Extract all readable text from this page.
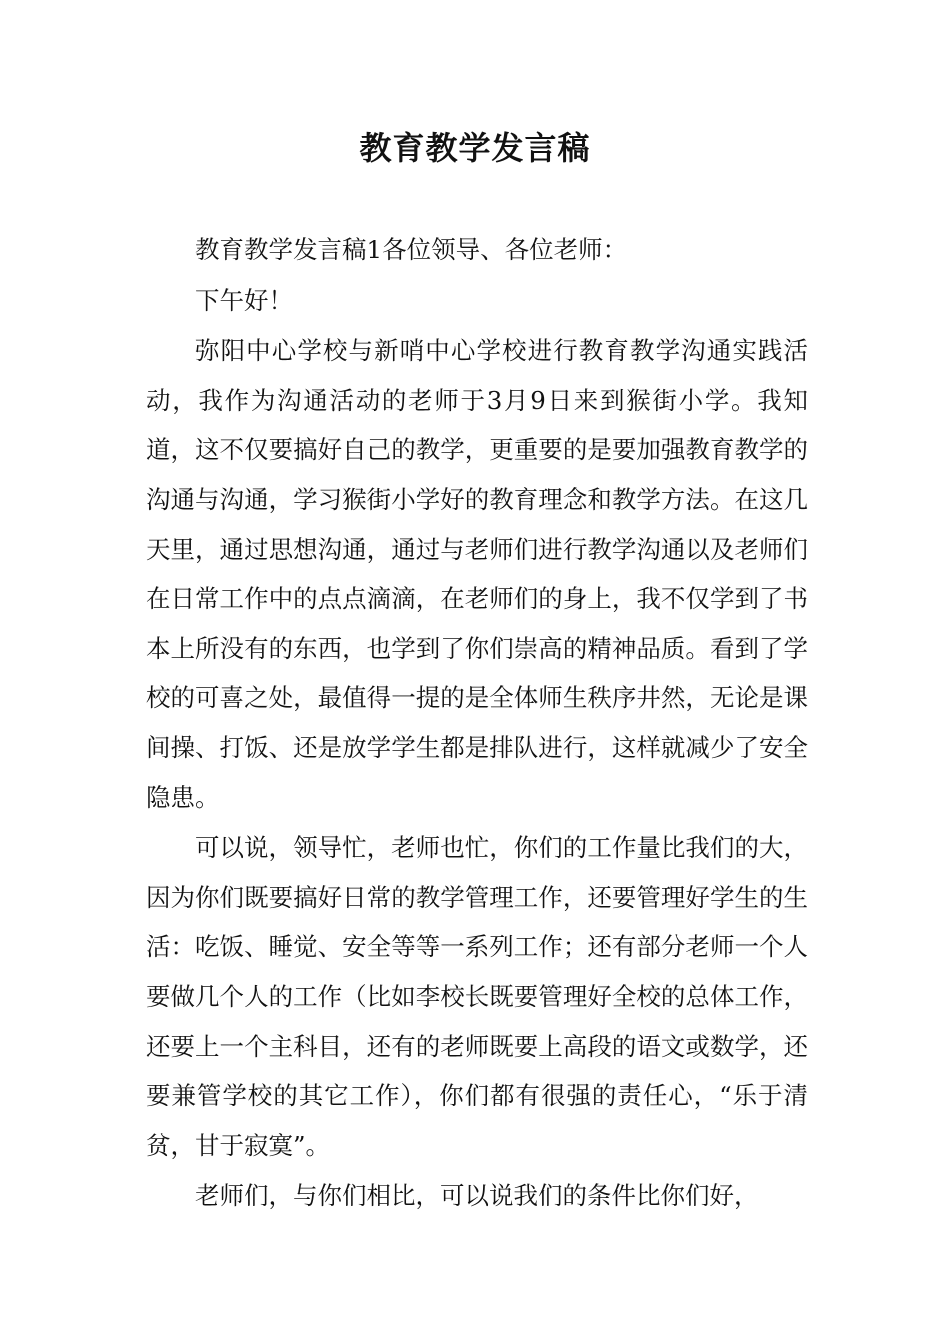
教育教学发言稿

教育教学发言稿1各位领导、各位老师：

下午好！

弥阳中心学校与新哨中心学校进行教育教学沟通实践活动，我作为沟通活动的老师于3月9日来到猴街小学。我知道，这不仅要搞好自己的教学，更重要的是要加强教育教学的沟通与沟通，学习猴街小学好的教育理念和教学方法。在这几天里，通过思想沟通，通过与老师们进行教学沟通以及老师们在日常工作中的点点滴滴，在老师们的身上，我不仅学到了书本上所没有的东西，也学到了你们崇高的精神品质。看到了学校的可喜之处，最值得一提的是全体师生秩序井然，无论是课间操、打饭、还是放学学生都是排队进行，这样就减少了安全隐患。

可以说，领导忙，老师也忙，你们的工作量比我们的大，因为你们既要搞好日常的教学管理工作，还要管理好学生的生活：吃饭、睡觉、安全等等一系列工作；还有部分老师一个人要做几个人的工作（比如李校长既要管理好全校的总体工作，还要上一个主科目，还有的老师既要上高段的语文或数学，还要兼管学校的其它工作），你们都有很强的责任心，“乐于清贫，甘于寂寞”。

老师们，与你们相比，可以说我们的条件比你们好，
